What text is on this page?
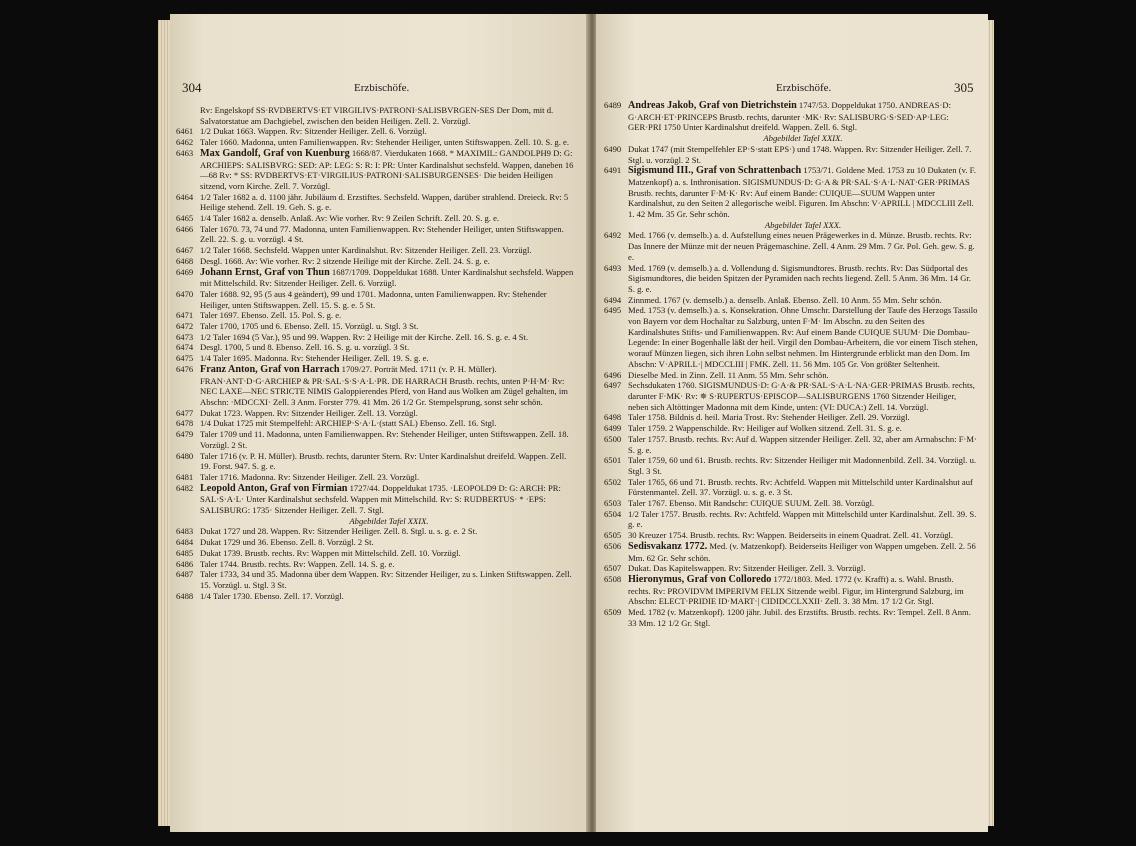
304	Erzbischöfe.

Rv: Engelskopf SS·RVDBERTVS·ET VIRGILIVS·PATRONI·SALISBVRGEN-SES Der Dom, mit d. Salvatorstatue am Dachgiebel, zwischen den beiden Heiligen. Zell. 2. Vorzügl.

6461 1/2 Dukat 1663. Wappen. Rv: Sitzender Heiliger. Zell. 6. Vorzügl.

6462 Taler 1660. Madonna, unten Familienwappen. Rv: Stehender Heiliger, unten Stiftswappen. Zell. 10. S. g. e.

6463 Max Gandolf, Graf von Kuenburg 1668/87. Vierdukaten 1668. * MAXIMIL: GANDOLPH9 D: G: ARCHIEPS: SALISBVRG: SED: AP: LEG: S: R: I: PR: Unter Kardinalshut sechsfeld. Wappen, daneben 16—68 Rv: * SS: RVDBERTVS·ET·VIRGILIUS·PATRONI·SALISBURGENSES· Die beiden Heiligen sitzend, vorn Kirche. Zell. 7. Vorzügl.

6464 1/2 Taler 1682 a. d. 1100 jähr. Jubiläum d. Erzstiftes. Sechsfeld. Wappen, darüber strahlend. Dreieck. Rv: 5 Heilige stehend. Zell. 19. Geh. S. g. e.

6465 1/4 Taler 1682 a. denselb. Anlaß. Av: Wie vorher. Rv: 9 Zeilen Schrift. Zell. 20. S. g. e.

6466 Taler 1670. 73, 74 und 77. Madonna, unten Familienwappen. Rv: Stehender Heiliger, unten Stiftswappen. Zell. 22. S. g. u. vorzügl. 4 St.

6467 1/2 Taler 1668. Sechsfeld. Wappen unter Kardinalshut. Rv: Sitzender Heiliger. Zell. 23. Vorzügl.

6468 Desgl. 1668. Av: Wie vorher. Rv: 2 sitzende Heilige mit der Kirche. Zell. 24. S. g. e.

6469 Johann Ernst, Graf von Thun 1687/1709. Doppeldukat 1688. Unter Kardinalshut sechsfeld. Wappen mit Mittelschild. Rv: Sitzender Heiliger. Zell. 6. Vorzügl.

6470 Taler 1688. 92, 95 (5 aus 4 geändert), 99 und 1701. Madonna, unten Familienwappen. Rv: Stehender Heiliger, unten Stiftswappen. Zell. 15. S. g. e. 5 St.

6471 Taler 1697. Ebenso. Zell. 15. Pol. S. g. e.

6472 Taler 1700, 1705 und 6. Ebenso. Zell. 15. Vorzügl. u. Stgl. 3 St.

6473 1/2 Taler 1694 (5 Var.), 95 und 99. Wappen. Rv: 2 Heilige mit der Kirche. Zell. 16. S. g. e. 4 St.

6474 Desgl. 1700, 5 und 8. Ebenso. Zell. 16. S. g. u. vorzügl. 3 St.

6475 1/4 Taler 1695. Madonna. Rv: Stehender Heiliger. Zell. 19. S. g. e.

6476 Franz Anton, Graf von Harrach 1709/27. Porträt Med. 1711 (v. P. H. Müller). FRAN·ANT·D·G·ARCHIEP & PR·SAL·S·S·A·L·PR. DE HARRACH Brustb. rechts, unten P·H·M· Rv: NEC LAXE—NEC STRICTE NIMIS Galoppierendes Pferd, von Hand aus Wolken am Zügel gehalten, im Abschn: ·MDCCXI· Zell. 3 Anm. Forster 779. 41 Mm. 26 1/2 Gr. Stempelsprung, sonst sehr schön.

6477 Dukat 1723. Wappen. Rv: Sitzender Heiliger. Zell. 13. Vorzügl.

6478 1/4 Dukat 1725 mit Stempelfehl: ARCHIEP·S·A·L·(statt SAL) Ebenso. Zell. 16. Stgl.

6479 Taler 1709 und 11. Madonna, unten Familienwappen. Rv: Stehender Heiliger, unten Stiftswappen. Zell. 18. Vorzügl. 2 St.

6480 Taler 1716 (v. P. H. Müller). Brustb. rechts, darunter Stern. Rv: Unter Kardinalshut dreifeld. Wappen. Zell. 19. Forst. 947. S. g. e.

6481 Taler 1716. Madonna. Rv: Sitzender Heiliger. Zell. 23. Vorzügl.

6482 Leopold Anton, Graf von Firmian 1727/44. Doppeldukat 1735. ·LEOPOLD9 D: G: ARCH: PR: SAL·S·A·L· Unter Kardinalshut sechsfeld. Wappen mit Mittelschild. Rv: S: RUDBERTUS· * ·EPS: SALISBURG: 1735· Sitzender Heiliger. Zell. 7. Stgl.

Abgebildet Tafel XXIX.

6483 Dukat 1727 und 28. Wappen. Rv: Sitzender Heiliger. Zell. 8. Stgl. u. s. g. e. 2 St.

6484 Dukat 1729 und 36. Ebenso. Zell. 8. Vorzügl. 2 St.

6485 Dukat 1739. Brustb. rechts. Rv: Wappen mit Mittelschild. Zell. 10. Vorzügl.

6486 Taler 1744. Brustb. rechts. Rv: Wappen. Zell. 14. S. g. e.

6487 Taler 1733, 34 und 35. Madonna über dem Wappen. Rv: Sitzender Heiliger, zu s. Linken Stiftswappen. Zell. 15. Vorzügl. u. Stgl. 3 St.

6488 1/4 Taler 1730. Ebenso. Zell. 17. Vorzügl.

Erzbischöfe.	305

6489 Andreas Jakob, Graf von Dietrichstein 1747/53. Doppeldukat 1750. ANDREAS·D: G·ARCH·ET·PRINCEPS Brustb. rechts, darunter ·MK· Rv: SALISBURG·S·SED·AP·LEG: GER·PRI 1750 Unter Kardinalshut dreifeld. Wappen. Zell. 6. Stgl.

Abgebildet Tafel XXIX.

6490 Dukat 1747 (mit Stempelfehler EP·S·statt EPS·) und 1748. Wappen. Rv: Sitzender Heiliger. Zell. 7. Stgl. u. vorzügl. 2 St.

6491 Sigismund III., Graf von Schrattenbach 1753/71. Goldene Med. 1753 zu 10 Dukaten (v. F. Matzenkopf) a. s. Inthronisation. SIGISMUNDUS·D: G·A & PR·SAL·S·A·L·NAT·GER·PRIMAS Brustb. rechts, darunter F·M·K· Rv: Auf einem Bande: CUIQUE—SUUM Wappen unter Kardinalshut, zu den Seiten 2 allegorische weibl. Figuren. Im Abschn: V·APRILL | MDCCLIII Zell. 1. 42 Mm. 35 Gr. Sehr schön.

Abgebildet Tafel XXX.

6492 Med. 1766 (v. demselb.) a. d. Aufstellung eines neuen Prägewerkes in d. Münze. Brustb. rechts. Rv: Das Innere der Münze mit der neuen Prägemaschine. Zell. 4 Anm. 29 Mm. 7 Gr. Pol. Geh. gew. S. g. e.

6493 Med. 1769 (v. demselb.) a. d. Vollendung d. Sigismundtores. Brustb. rechts. Rv: Das Südportal des Sigismundtores, die beiden Spitzen der Pyramiden nach rechts liegend. Zell. 5 Anm. 36 Mm. 14 Gr. S. g. e.

6494 Zinnmed. 1767 (v. demselb.) a. denselb. Anlaß. Ebenso. Zell. 10 Anm. 55 Mm. Sehr schön.

6495 Med. 1753 (v. demselb.) a. s. Konsekration. Ohne Umschr. Darstellung der Taufe des Herzogs Tassilo von Bayern vor dem Hochaltar zu Salzburg, unten F·M· Im Abschn. zu den Seiten des Kardinalshutes Stifts- und Familienwappen. Rv: Auf einem Bande CUIQUE SUUM· Die Dombau-Legende: In einer Bogenhalle läßt der heil. Virgil den Dombau-Arbeitern, die vor einem Tisch stehen, worauf Münzen liegen, sich ihren Lohn selbst nehmen. Im Hintergrunde erblickt man den Dom. Im Abschn: V·APRILL·| MDCCLIII | FMK. Zell. 11. 56 Mm. 105 Gr. Von größter Seltenheit.

6496 Dieselbe Med. in Zinn. Zell. 11 Anm. 55 Mm. Sehr schön.

6497 Sechsdukaten 1760. SIGISMUNDUS·D: G·A·& PR·SAL·S·A·L·NA·GER·PRIMAS Brustb. rechts, darunter F·MK· Rv: ✵ S·RUPERTUS·EPISCOP—SALISBURGENS 1760 Sitzender Heiliger, neben sich Altöttinger Madonna mit dem Kinde, unten: (VI: DUCA:) Zell. 14. Vorzügl.

6498 Taler 1758. Bildnis d. heil. Maria Trost. Rv: Stehender Heiliger. Zell. 29. Vorzügl.

6499 Taler 1759. 2 Wappenschilde. Rv: Heiliger auf Wolken sitzend. Zell. 31. S. g. e.

6500 Taler 1757. Brustb. rechts. Rv: Auf d. Wappen sitzender Heiliger. Zell. 32, aber am Armabschn: F·M· S. g. e.

6501 Taler 1759, 60 und 61. Brustb. rechts. Rv: Sitzender Heiliger mit Madonnenbild. Zell. 34. Vorzügl. u. Stgl. 3 St.

6502 Taler 1765, 66 und 71. Brustb. rechts. Rv: Achtfeld. Wappen mit Mittelschild unter Kardinalshut auf Fürstenmantel. Zell. 37. Vorzügl. u. s. g. e. 3 St.

6503 Taler 1767. Ebenso. Mit Randschr: CUIQUE SUUM. Zell. 38. Vorzügl.

6504 1/2 Taler 1757. Brustb. rechts. Rv: Achtfeld. Wappen mit Mittelschild unter Kardinalshut. Zell. 39. S. g. e.

6505 30 Kreuzer 1754. Brustb. rechts. Rv: Wappen. Beiderseits in einem Quadrat. Zell. 41. Vorzügl.

6506 Sedisvakanz 1772. Med. (v. Matzenkopf). Beiderseits Heiliger von Wappen umgeben. Zell. 2. 56 Mm. 62 Gr. Sehr schön.

6507 Dukat. Das Kapitelswappen. Rv: Sitzender Heiliger. Zell. 3. Vorzügl.

6508 Hieronymus, Graf von Colloredo 1772/1803. Med. 1772 (v. Krafft) a. s. Wahl. Brustb. rechts. Rv: PROVIDVM IMPERIVM FELIX Sitzende weibl. Figur, im Hintergrund Salzburg, im Abschn: ELECT·PRIDIE ID·MART·| CIDIDCCLXXII· Zell. 3. 38 Mm. 17 1/2 Gr. Stgl.

6509 Med. 1782 (v. Matzenkopf). 1200 jähr. Jubil. des Erzstifts. Brustb. rechts. Rv: Tempel. Zell. 8 Anm. 33 Mm. 12 1/2 Gr. Stgl.
